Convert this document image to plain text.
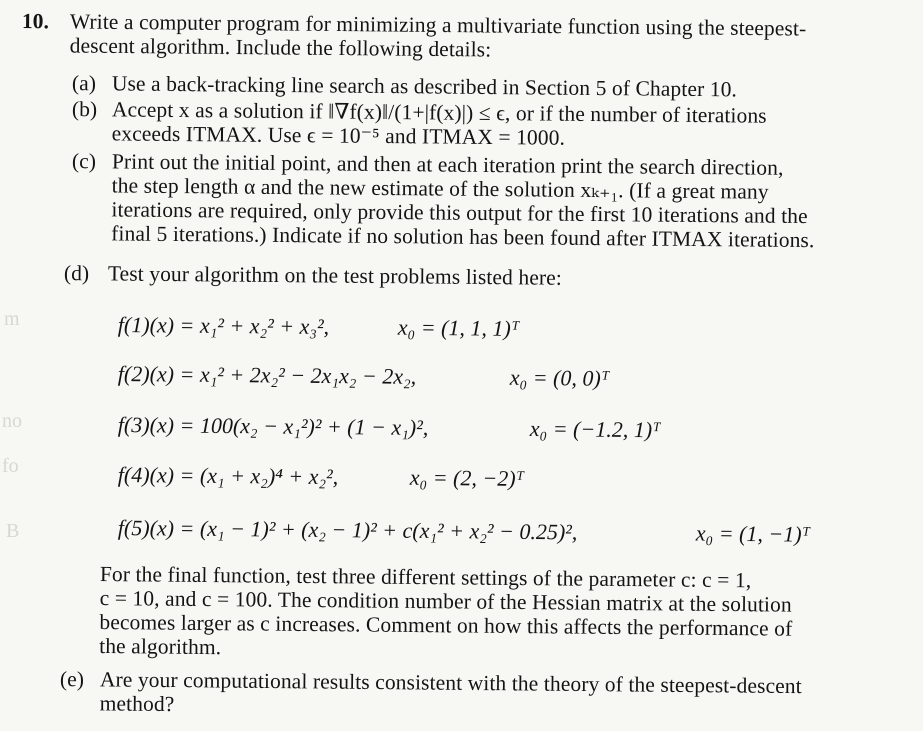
m
no
fo
B
10. Write a computer program for minimizing a multivariate function using the steepest-
descent algorithm. Include the following details:
(a) Use a back-tracking line search as described in Section 5 of Chapter 10.
(b) Accept x as a solution if ‖∇f(x)‖/(1+|f(x)|) ≤ ϵ, or if the number of iterations
exceeds ITMAX. Use ϵ = 10⁻⁵ and ITMAX = 1000.
(c) Print out the initial point, and then at each iteration print the search direction,
the step length α and the new estimate of the solution xₖ₊₁. (If a great many
iterations are required, only provide this output for the first 10 iterations and the
final 5 iterations.) Indicate if no solution has been found after ITMAX iterations.
(d) Test your algorithm on the test problems listed here:
f(1)(x) = x₁² + x₂² + x₃²,	x₀ = (1, 1, 1)ᵀ
f(2)(x) = x₁² + 2x₂² − 2x₁x₂ − 2x₂,	x₀ = (0, 0)ᵀ
f(3)(x) = 100(x₂ − x₁²)² + (1 − x₁)²,	x₀ = (−1.2, 1)ᵀ
f(4)(x) = (x₁ + x₂)⁴ + x₂²,	x₀ = (2, −2)ᵀ
f(5)(x) = (x₁ − 1)² + (x₂ − 1)² + c(x₁² + x₂² − 0.25)²,	x₀ = (1, −1)ᵀ
For the final function, test three different settings of the parameter c: c = 1,
c = 10, and c = 100. The condition number of the Hessian matrix at the solution
becomes larger as c increases. Comment on how this affects the performance of
the algorithm.
(e) Are your computational results consistent with the theory of the steepest-descent
method?
